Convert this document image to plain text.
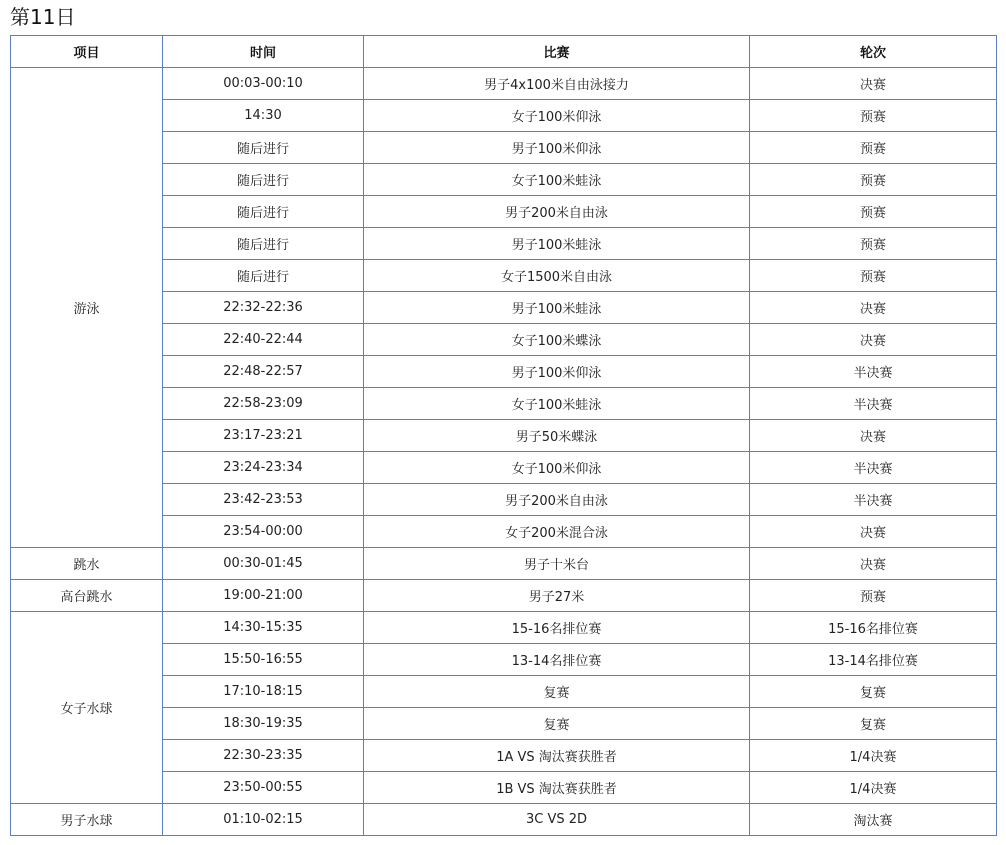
第11日
项目	时间	比赛	轮次
游泳	00:03-00:10	男子4x100米自由泳接力	决赛
	14:30	女子100米仰泳	预赛
	随后进行	男子100米仰泳	预赛
	随后进行	女子100米蛙泳	预赛
	随后进行	男子200米自由泳	预赛
	随后进行	男子100米蛙泳	预赛
	随后进行	女子1500米自由泳	预赛
	22:32-22:36	男子100米蛙泳	决赛
	22:40-22:44	女子100米蝶泳	决赛
	22:48-22:57	男子100米仰泳	半决赛
	22:58-23:09	女子100米蛙泳	半决赛
	23:17-23:21	男子50米蝶泳	决赛
	23:24-23:34	女子100米仰泳	半决赛
	23:42-23:53	男子200米自由泳	半决赛
	23:54-00:00	女子200米混合泳	决赛
跳水	00:30-01:45	男子十米台	决赛
高台跳水	19:00-21:00	男子27米	预赛
女子水球	14:30-15:35	15-16名排位赛	15-16名排位赛
	15:50-16:55	13-14名排位赛	13-14名排位赛
	17:10-18:15	复赛	复赛
	18:30-19:35	复赛	复赛
	22:30-23:35	1A VS 淘汰赛获胜者	1/4决赛
	23:50-00:55	1B VS 淘汰赛获胜者	1/4决赛
男子水球	01:10-02:15	3C VS 2D	淘汰赛
